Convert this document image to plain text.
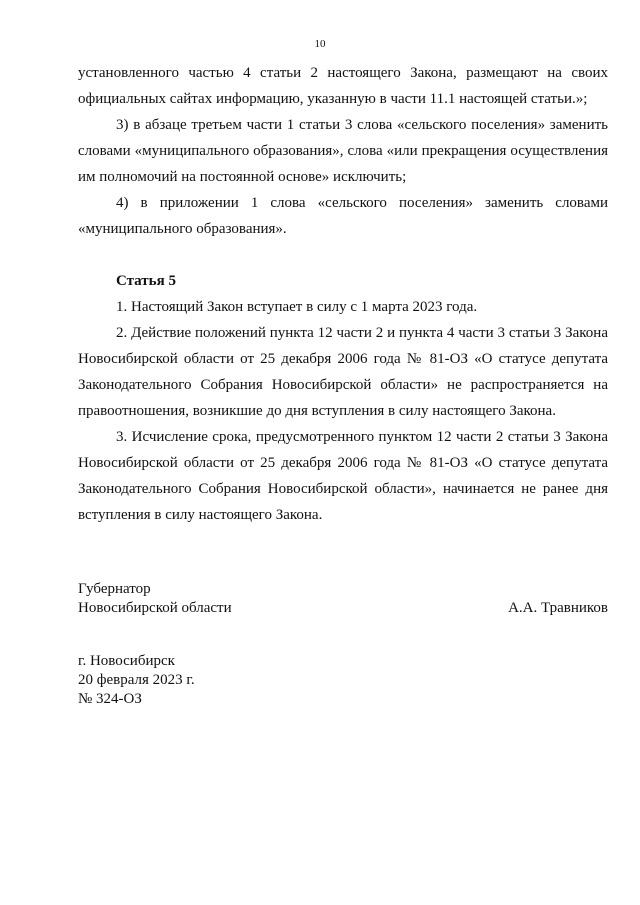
10

установленного частью 4 статьи 2 настоящего Закона, размещают на своих официальных сайтах информацию, указанную в части 11.1 настоящей статьи.»;

3) в абзаце третьем части 1 статьи 3 слова «сельского поселения» заменить словами «муниципального образования», слова «или прекращения осуществления им полномочий на постоянной основе» исключить;

4) в приложении 1 слова «сельского поселения» заменить словами «муниципального образования».

Статья 5

1. Настоящий Закон вступает в силу с 1 марта 2023 года.

2. Действие положений пункта 12 части 2 и пункта 4 части 3 статьи 3 Закона Новосибирской области от 25 декабря 2006 года № 81-ОЗ «О статусе депутата Законодательного Собрания Новосибирской области» не распространяется на правоотношения, возникшие до дня вступления в силу настоящего Закона.

3. Исчисление срока, предусмотренного пунктом 12 части 2 статьи 3 Закона Новосибирской области от 25 декабря 2006 года № 81-ОЗ «О статусе депутата Законодательного Собрания Новосибирской области», начинается не ранее дня вступления в силу настоящего Закона.

Губернатор
Новосибирской области	А.А. Травников
г. Новосибирск
20 февраля 2023 г.
№ 324-ОЗ
